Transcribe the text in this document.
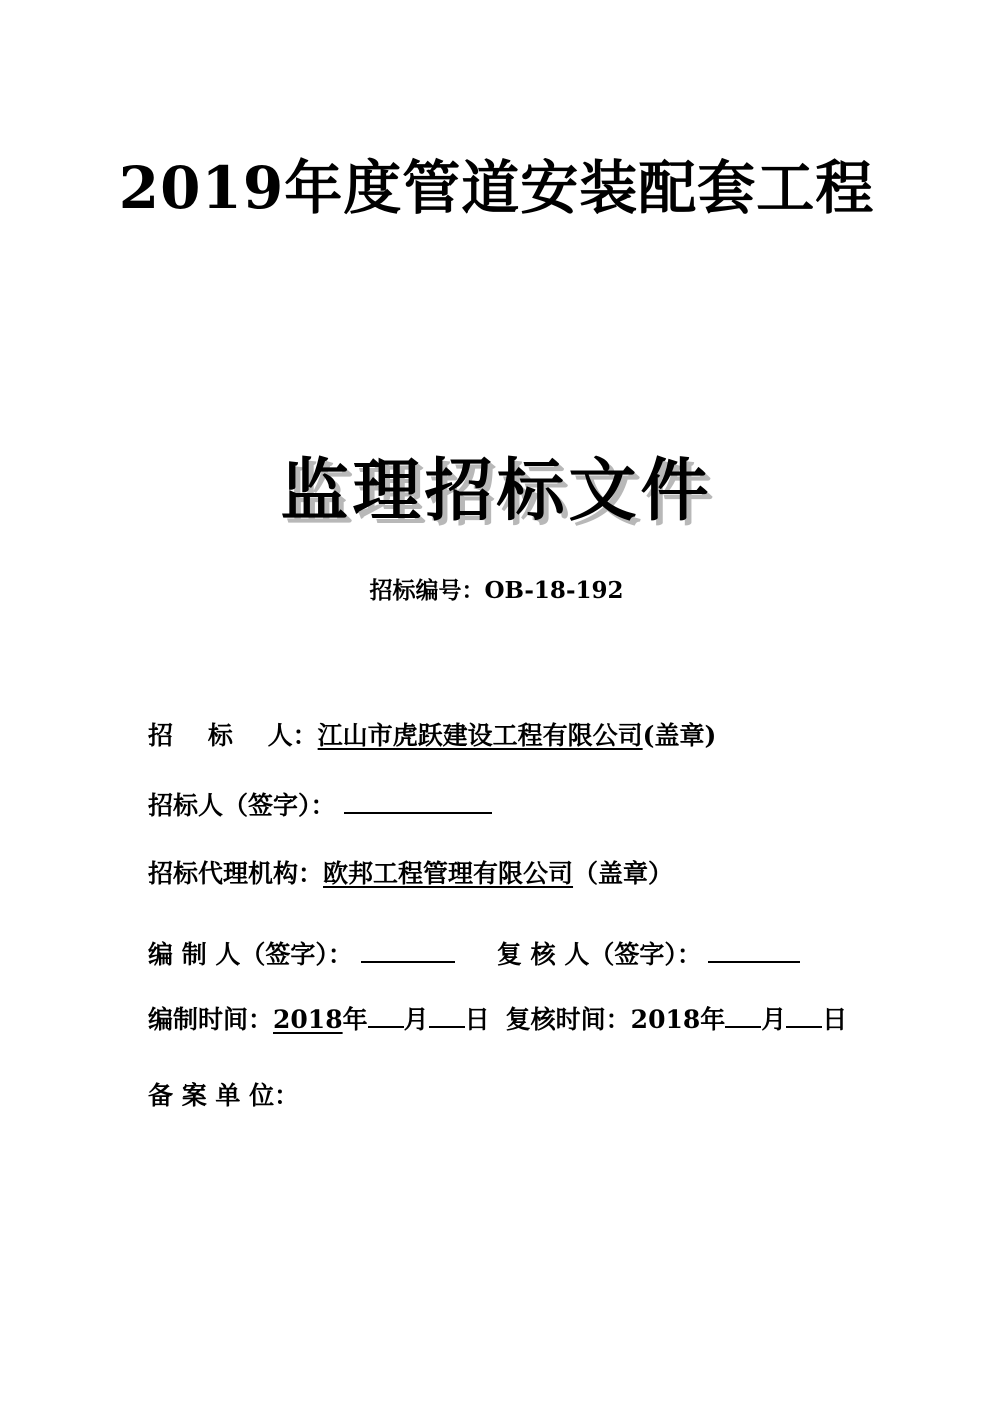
2019年度管道安装配套工程
监理招标文件
招标编号：OB-18-192
招    标    人：江山市虎跃建设工程有限公司(盖章)
招标人（签字）：
招标代理机构：欧邦工程管理有限公司（盖章）
编 制 人（签字）：	复 核 人（签字）：
编制时间：2018年 月 日 复核时间：2018年 月 日
备 案 单 位：
